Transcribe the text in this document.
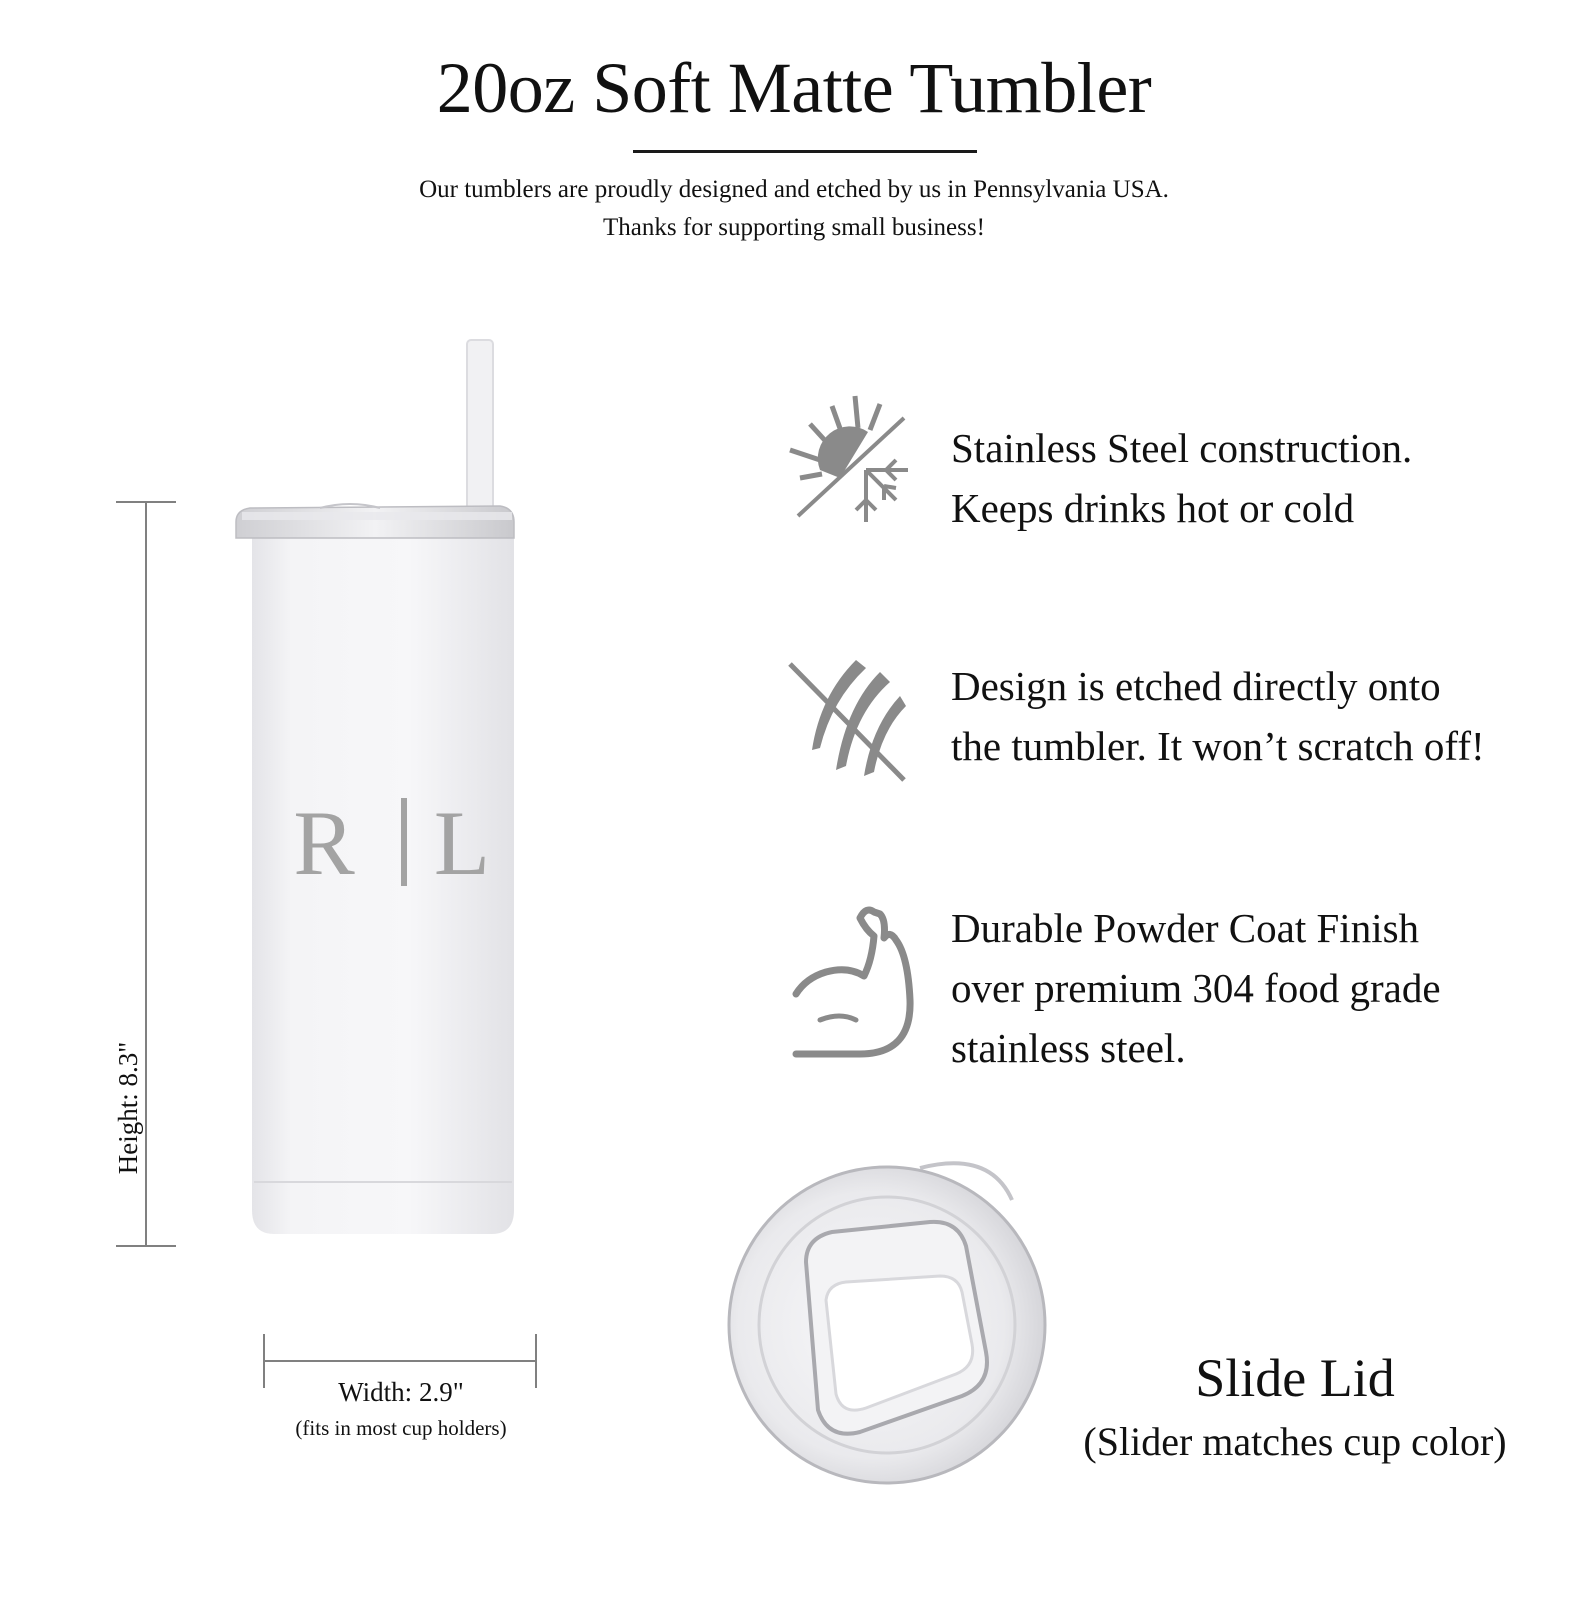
20oz Soft Matte Tumbler
Our tumblers are proudly designed and etched by us in Pennsylvania USA.
Thanks for supporting small business!
Height: 8.3"
R L
Width: 2.9"
(fits in most cup holders)
Stainless Steel construction.
Keeps drinks hot or cold
Design is etched directly onto
the tumbler. It won’t scratch off!
Durable Powder Coat Finish
over premium 304 food grade
stainless steel.
Slide Lid
(Slider matches cup color)
